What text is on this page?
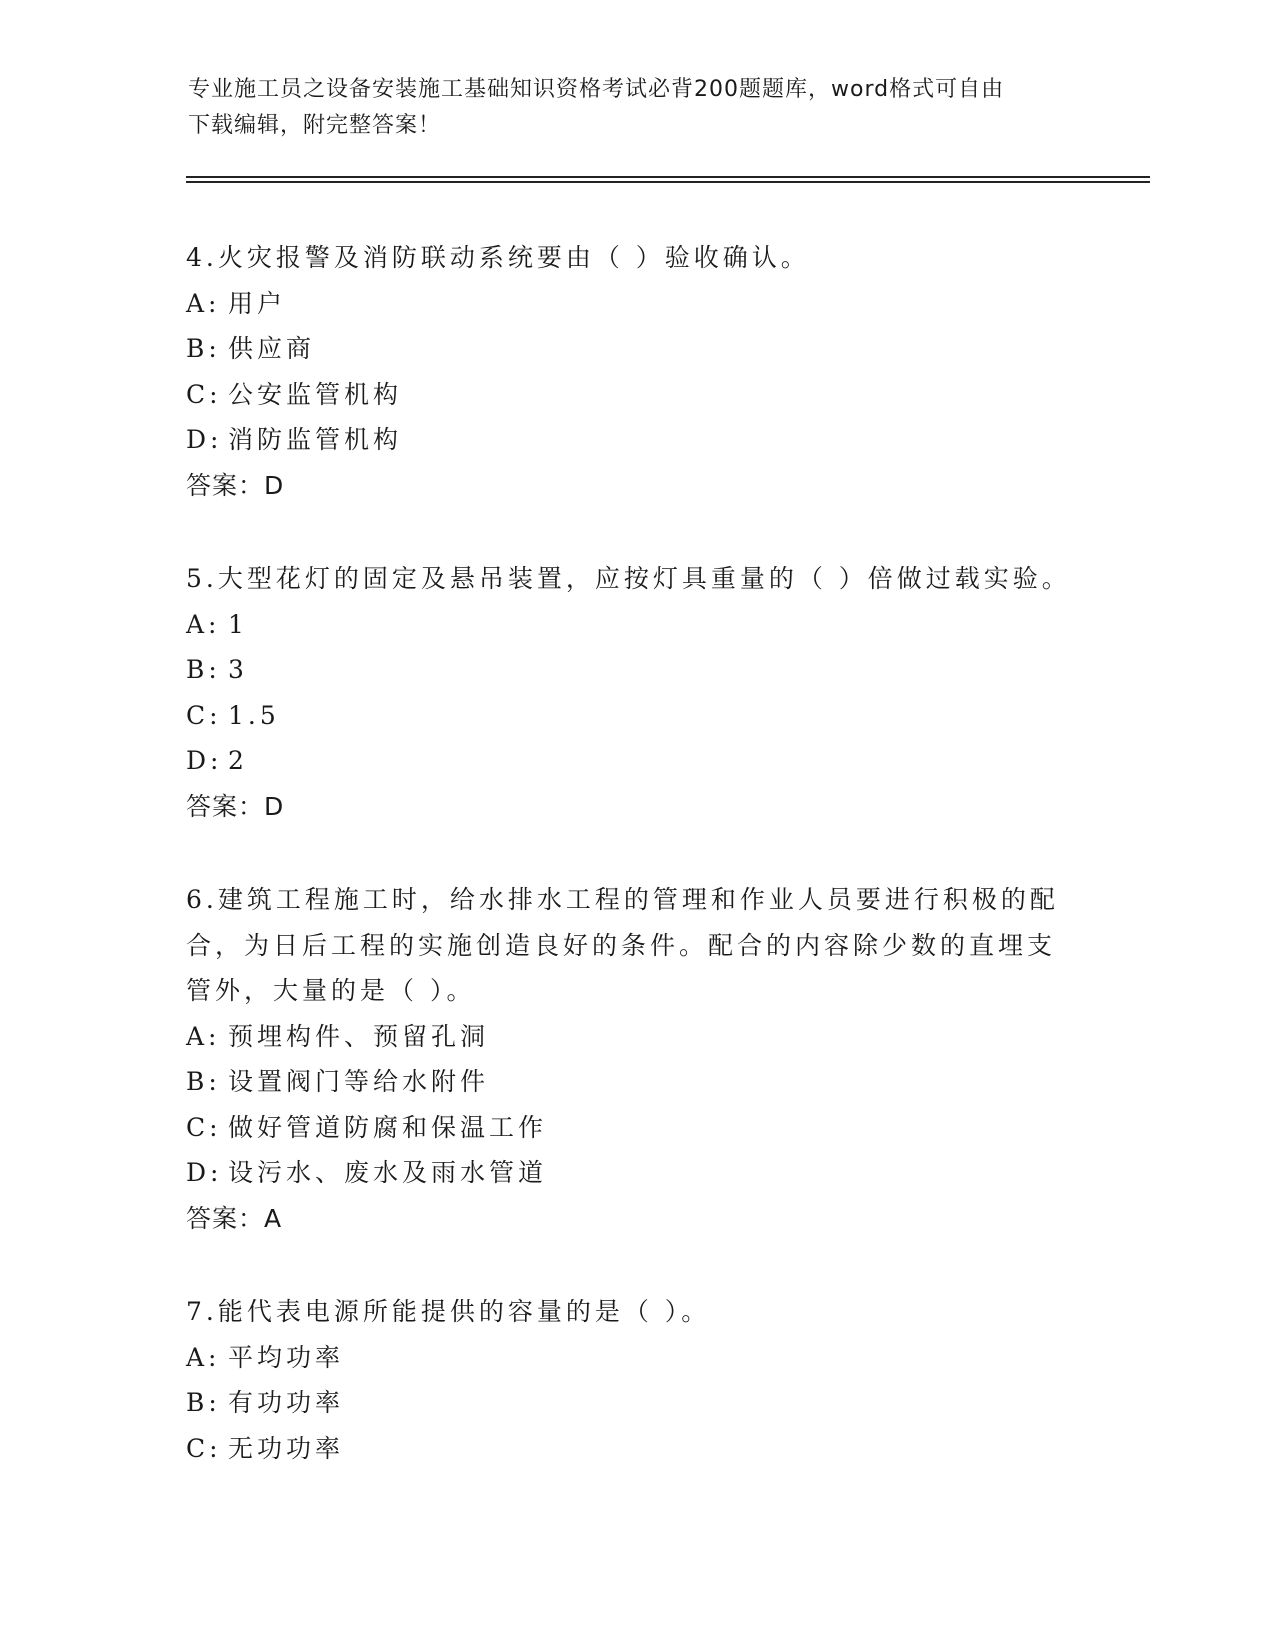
专业施工员之设备安装施工基础知识资格考试必背200题题库，word格式可自由
下载编辑，附完整答案！
4.火灾报警及消防联动系统要由（ ）验收确认。
A: 用户
B: 供应商
C: 公安监管机构
D: 消防监管机构
答案：D
5.大型花灯的固定及悬吊装置，应按灯具重量的（ ）倍做过载实验。
A: 1
B: 3
C: 1.5
D: 2
答案：D
6.建筑工程施工时，给水排水工程的管理和作业人员要进行积极的配
合，为日后工程的实施创造良好的条件。配合的内容除少数的直埋支
管外，大量的是（ ）。
A: 预埋构件、预留孔洞
B: 设置阀门等给水附件
C: 做好管道防腐和保温工作
D: 设污水、废水及雨水管道
答案：A
7.能代表电源所能提供的容量的是（ ）。
A: 平均功率
B: 有功功率
C: 无功功率
